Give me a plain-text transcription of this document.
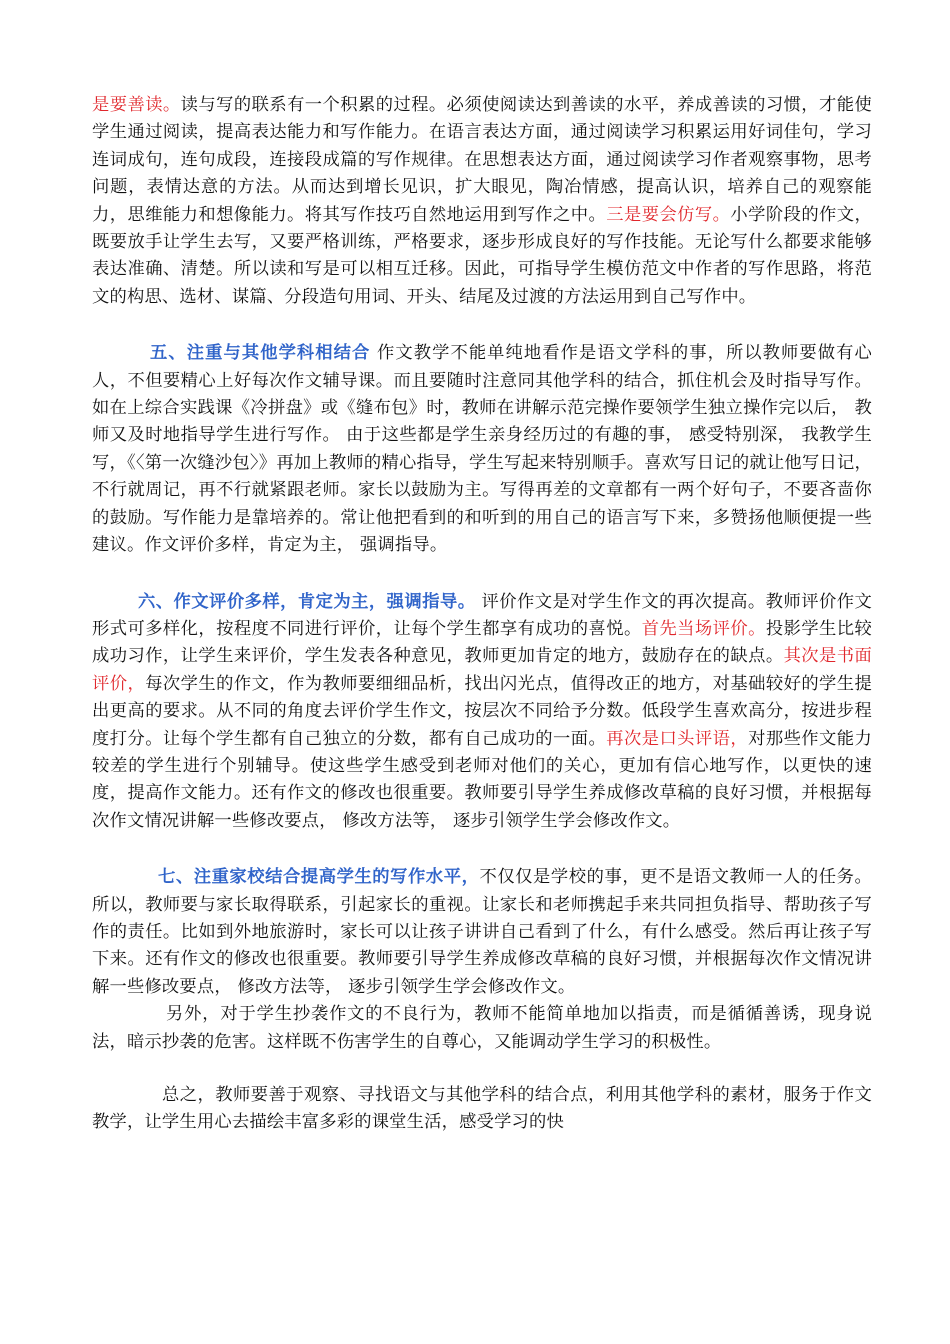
是要善读。读与写的联系有一个积累的过程。必须使阅读达到善读的水平，养成善读的习惯，才能使学生通过阅读，提高表达能力和写作能力。在语言表达方面，通过阅读学习积累运用好词佳句，学习连词成句，连句成段，连接段成篇的写作规律。在思想表达方面，通过阅读学习作者观察事物，思考问题，表情达意的方法。从而达到增长见识，扩大眼见，陶冶情感，提高认识，培养自己的观察能力，思维能力和想像能力。将其写作技巧自然地运用到写作之中。三是要会仿写。小学阶段的作文，既要放手让学生去写，又要严格训练，严格要求，逐步形成良好的写作技能。无论写什么都要求能够表达准确、清楚。所以读和写是可以相互迁移。因此，可指导学生模仿范文中作者的写作思路，将范文的构思、选材、谋篇、分段造句用词、开头、结尾及过渡的方法运用到自己写作中。

五、注重与其他学科相结合 作文教学不能单纯地看作是语文学科的事，所以教师要做有心人，不但要精心上好每次作文辅导课。而且要随时注意同其他学科的结合，抓住机会及时指导写作。如在上综合实践课《冷拼盘》或《缝布包》时，教师在讲解示范完操作要领学生独立操作完以后， 教师又及时地指导学生进行写作。 由于这些都是学生亲身经历过的有趣的事， 感受特别深， 我教学生写，《〈第一次缝沙包〉》再加上教师的精心指导，学生写起来特别顺手。喜欢写日记的就让他写日记，不行就周记，再不行就紧跟老师。家长以鼓励为主。写得再差的文章都有一两个好句子，不要吝啬你的鼓励。写作能力是靠培养的。常让他把看到的和听到的用自己的语言写下来，多赞扬他顺便提一些建议。作文评价多样，肯定为主， 强调指导。

六、作文评价多样，肯定为主，强调指导。 评价作文是对学生作文的再次提高。教师评价作文形式可多样化，按程度不同进行评价，让每个学生都享有成功的喜悦。首先当场评价。投影学生比较成功习作，让学生来评价，学生发表各种意见，教师更加肯定的地方，鼓励存在的缺点。其次是书面评价，每次学生的作文，作为教师要细细品析，找出闪光点，值得改正的地方，对基础较好的学生提出更高的要求。从不同的角度去评价学生作文，按层次不同给予分数。低段学生喜欢高分，按进步程度打分。让每个学生都有自己独立的分数，都有自己成功的一面。再次是口头评语，对那些作文能力较差的学生进行个别辅导。使这些学生感受到老师对他们的关心，更加有信心地写作，以更快的速度，提高作文能力。还有作文的修改也很重要。教师要引导学生养成修改草稿的良好习惯，并根据每次作文情况讲解一些修改要点， 修改方法等， 逐步引领学生学会修改作文。

七、注重家校结合提高学生的写作水平，不仅仅是学校的事，更不是语文教师一人的任务。所以，教师要与家长取得联系，引起家长的重视。让家长和老师携起手来共同担负指导、帮助孩子写作的责任。比如到外地旅游时，家长可以让孩子讲讲自己看到了什么，有什么感受。然后再让孩子写下来。还有作文的修改也很重要。教师要引导学生养成修改草稿的良好习惯，并根据每次作文情况讲解一些修改要点， 修改方法等， 逐步引领学生学会修改作文。

另外，对于学生抄袭作文的不良行为，教师不能简单地加以指责，而是循循善诱，现身说法，暗示抄袭的危害。这样既不伤害学生的自尊心，又能调动学生学习的积极性。

总之，教师要善于观察、寻找语文与其他学科的结合点，利用其他学科的素材，服务于作文教学，让学生用心去描绘丰富多彩的课堂生活，感受学习的快
